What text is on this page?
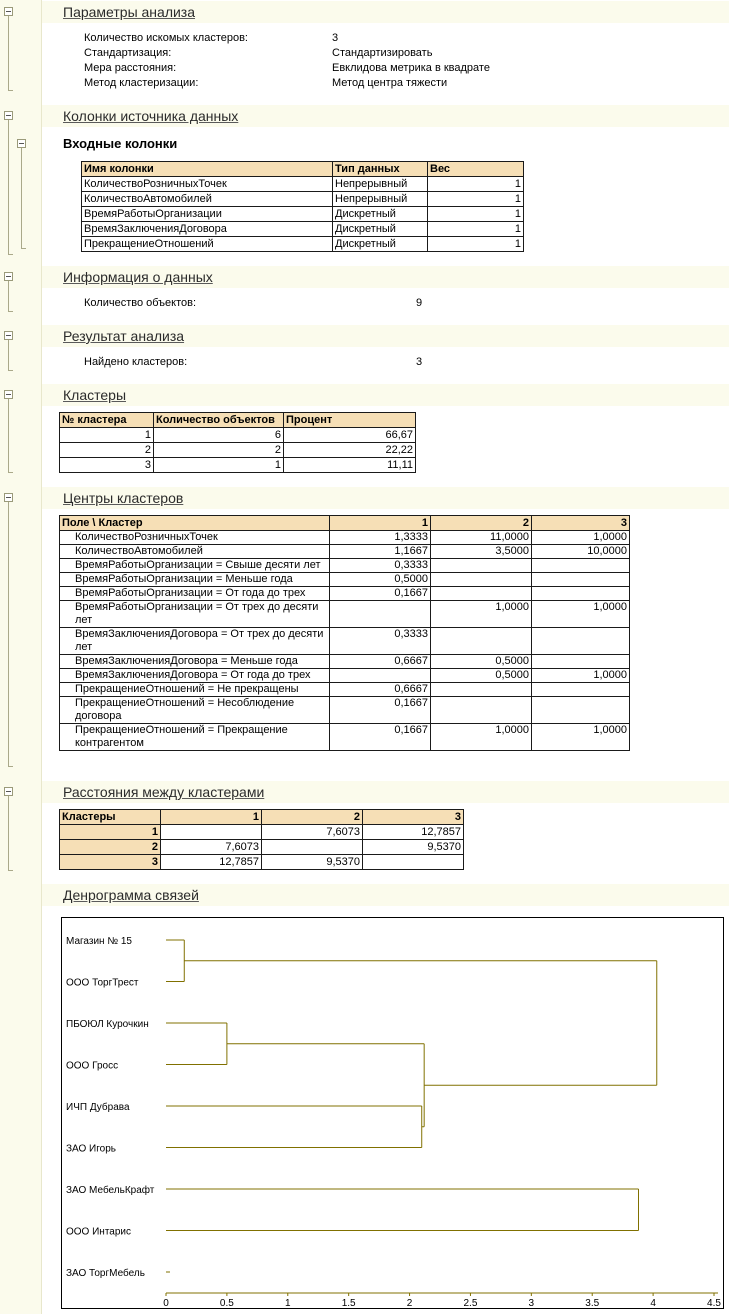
Параметры анализа
Количество искомых кластеров:	3
Стандартизация:	Стандартизировать
Мера расстояния:	Евклидова метрика в квадрате
Метод кластеризации:	Метод центра тяжести
Колонки источника данных
Входные колонки
Имя колонки	Тип данных	Вес
КоличествоРозничныхТочек	Непрерывный	1
КоличествоАвтомобилей	Непрерывный	1
ВремяРаботыОрганизации	Дискретный	1
ВремяЗаключенияДоговора	Дискретный	1
ПрекращениеОтношений	Дискретный	1
Информация о данных
Количество объектов:	9
Результат анализа
Найдено кластеров:	3
Кластеры
№ кластера	Количество объектов	Процент
1	6	66,67
2	2	22,22
3	1	11,11
Центры кластеров
Поле \ Кластер	1	2	3
КоличествоРозничныхТочек	1,3333	11,0000	1,0000
КоличествоАвтомобилей	1,1667	3,5000	10,0000
ВремяРаботыОрганизации = Свыше десяти лет	0,3333		
ВремяРаботыОрганизации = Меньше года	0,5000		
ВремяРаботыОрганизации = От года до трех	0,1667		
ВремяРаботыОрганизации = От трех до десяти лет		1,0000	1,0000
ВремяЗаключенияДоговора = От трех до десяти лет	0,3333		
ВремяЗаключенияДоговора = Меньше года	0,6667	0,5000	
ВремяЗаключенияДоговора = От года до трех		0,5000	1,0000
ПрекращениеОтношений = Не прекращены	0,6667		
ПрекращениеОтношений = Несоблюдение договора	0,1667		
ПрекращениеОтношений = Прекращение контрагентом	0,1667	1,0000	1,0000
Расстояния между кластерами
Кластеры	1	2	3
1		7,6073	12,7857
2	7,6073		9,5370
3	12,7857	9,5370	
Денрограмма связей
Магазин № 15
ООО ТоргТрест
ПБОЮЛ Курочкин
ООО Гросс
ИЧП Дубрава
ЗАО Игорь
ЗАО МебельКрафт
ООО Интарис
ЗАО ТоргМебель
0	0.5	1	1.5	2	2.5	3	3.5	4	4.5
